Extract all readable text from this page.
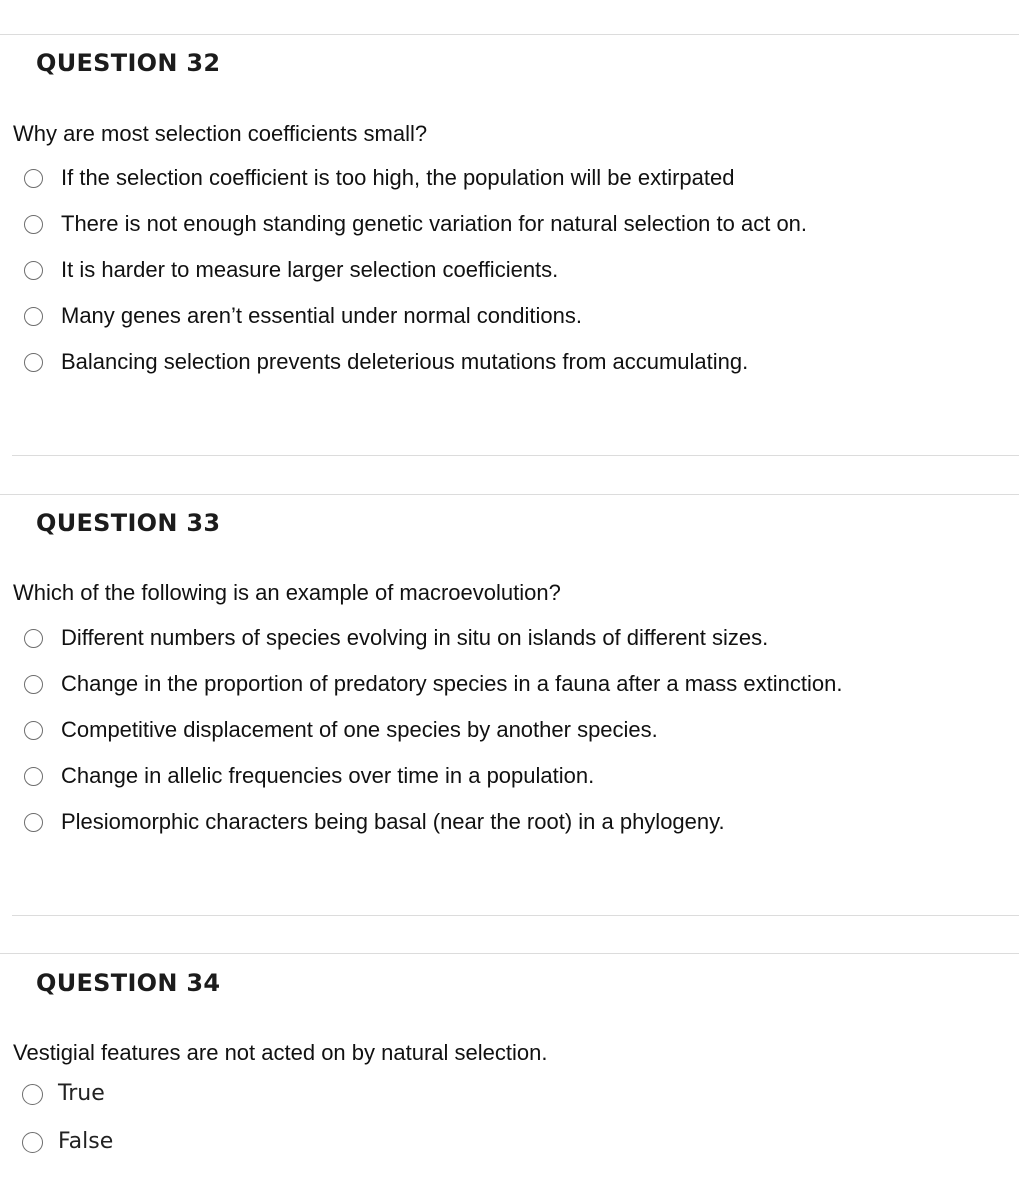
QUESTION 32
Why are most selection coefficients small?
If the selection coefficient is too high, the population will be extirpated
There is not enough standing genetic variation for natural selection to act on.
It is harder to measure larger selection coefficients.
Many genes aren’t essential under normal conditions.
Balancing selection prevents deleterious mutations from accumulating.
QUESTION 33
Which of the following is an example of macroevolution?
Different numbers of species evolving in situ on islands of different sizes.
Change in the proportion of predatory species in a fauna after a mass extinction.
Competitive displacement of one species by another species.
Change in allelic frequencies over time in a population.
Plesiomorphic characters being basal (near the root) in a phylogeny.
QUESTION 34
Vestigial features are not acted on by natural selection.
True
False
